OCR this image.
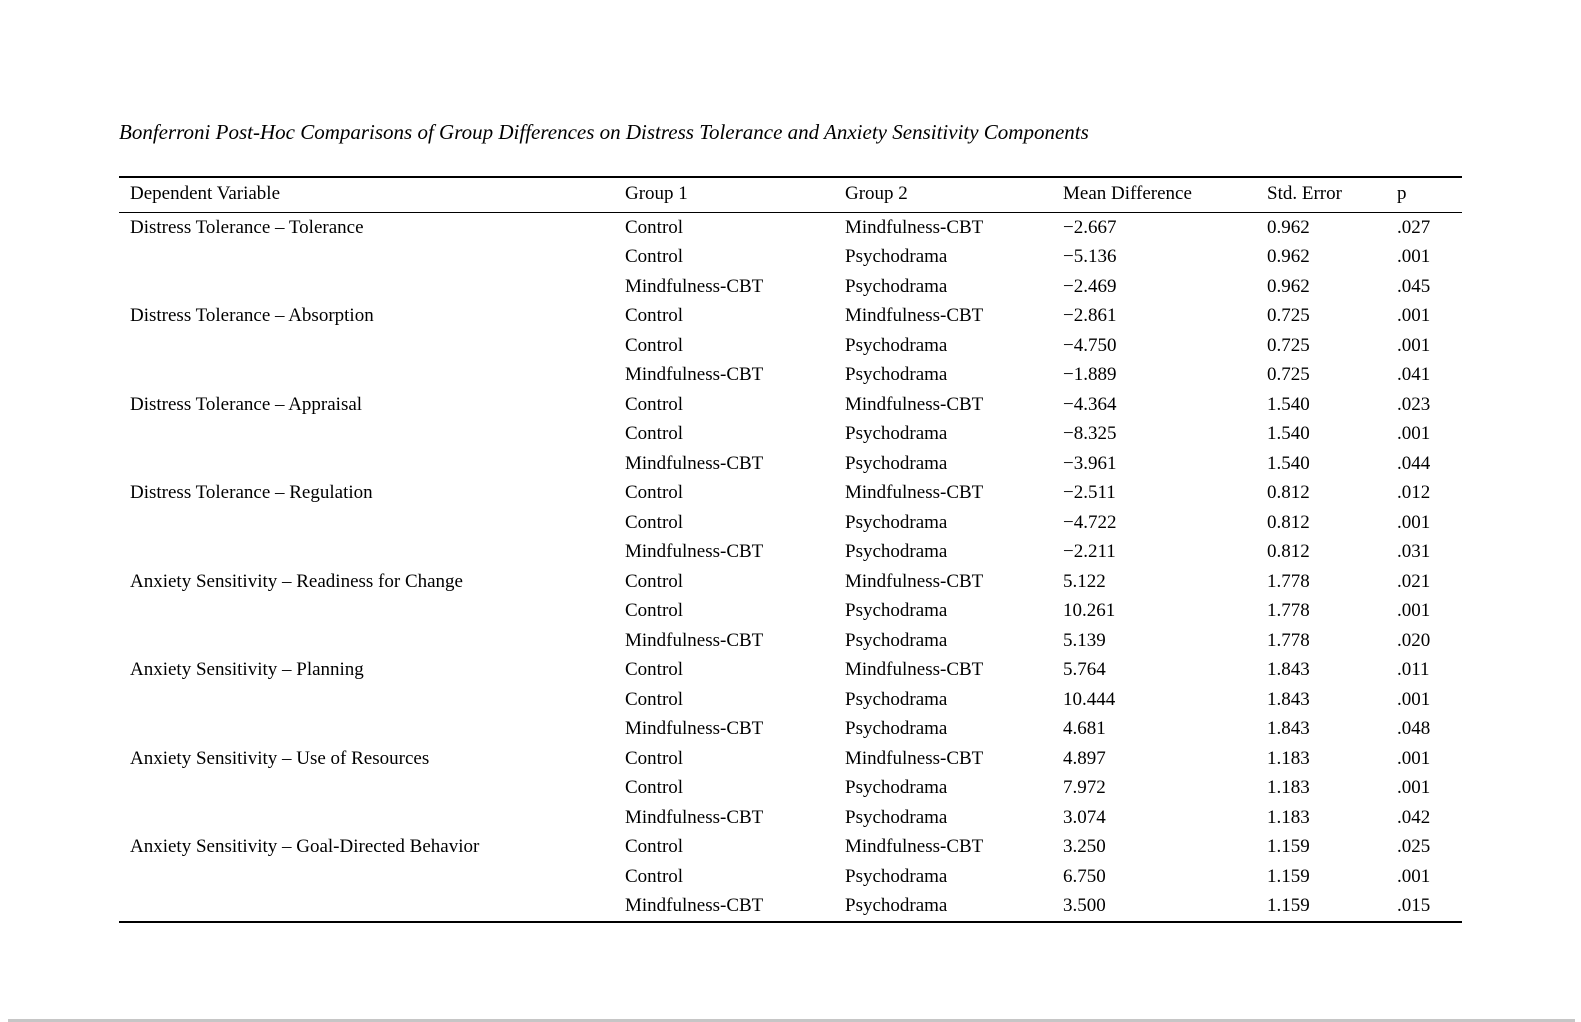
Bonferroni Post-Hoc Comparisons of Group Differences on Distress Tolerance and Anxiety Sensitivity Components
Dependent Variable	Group 1	Group 2	Mean Difference	Std. Error	p
Distress Tolerance – Tolerance	Control	Mindfulness-CBT	−2.667	0.962	.027
	Control	Psychodrama	−5.136	0.962	.001
	Mindfulness-CBT	Psychodrama	−2.469	0.962	.045
Distress Tolerance – Absorption	Control	Mindfulness-CBT	−2.861	0.725	.001
	Control	Psychodrama	−4.750	0.725	.001
	Mindfulness-CBT	Psychodrama	−1.889	0.725	.041
Distress Tolerance – Appraisal	Control	Mindfulness-CBT	−4.364	1.540	.023
	Control	Psychodrama	−8.325	1.540	.001
	Mindfulness-CBT	Psychodrama	−3.961	1.540	.044
Distress Tolerance – Regulation	Control	Mindfulness-CBT	−2.511	0.812	.012
	Control	Psychodrama	−4.722	0.812	.001
	Mindfulness-CBT	Psychodrama	−2.211	0.812	.031
Anxiety Sensitivity – Readiness for Change	Control	Mindfulness-CBT	5.122	1.778	.021
	Control	Psychodrama	10.261	1.778	.001
	Mindfulness-CBT	Psychodrama	5.139	1.778	.020
Anxiety Sensitivity – Planning	Control	Mindfulness-CBT	5.764	1.843	.011
	Control	Psychodrama	10.444	1.843	.001
	Mindfulness-CBT	Psychodrama	4.681	1.843	.048
Anxiety Sensitivity – Use of Resources	Control	Mindfulness-CBT	4.897	1.183	.001
	Control	Psychodrama	7.972	1.183	.001
	Mindfulness-CBT	Psychodrama	3.074	1.183	.042
Anxiety Sensitivity – Goal-Directed Behavior	Control	Mindfulness-CBT	3.250	1.159	.025
	Control	Psychodrama	6.750	1.159	.001
	Mindfulness-CBT	Psychodrama	3.500	1.159	.015
